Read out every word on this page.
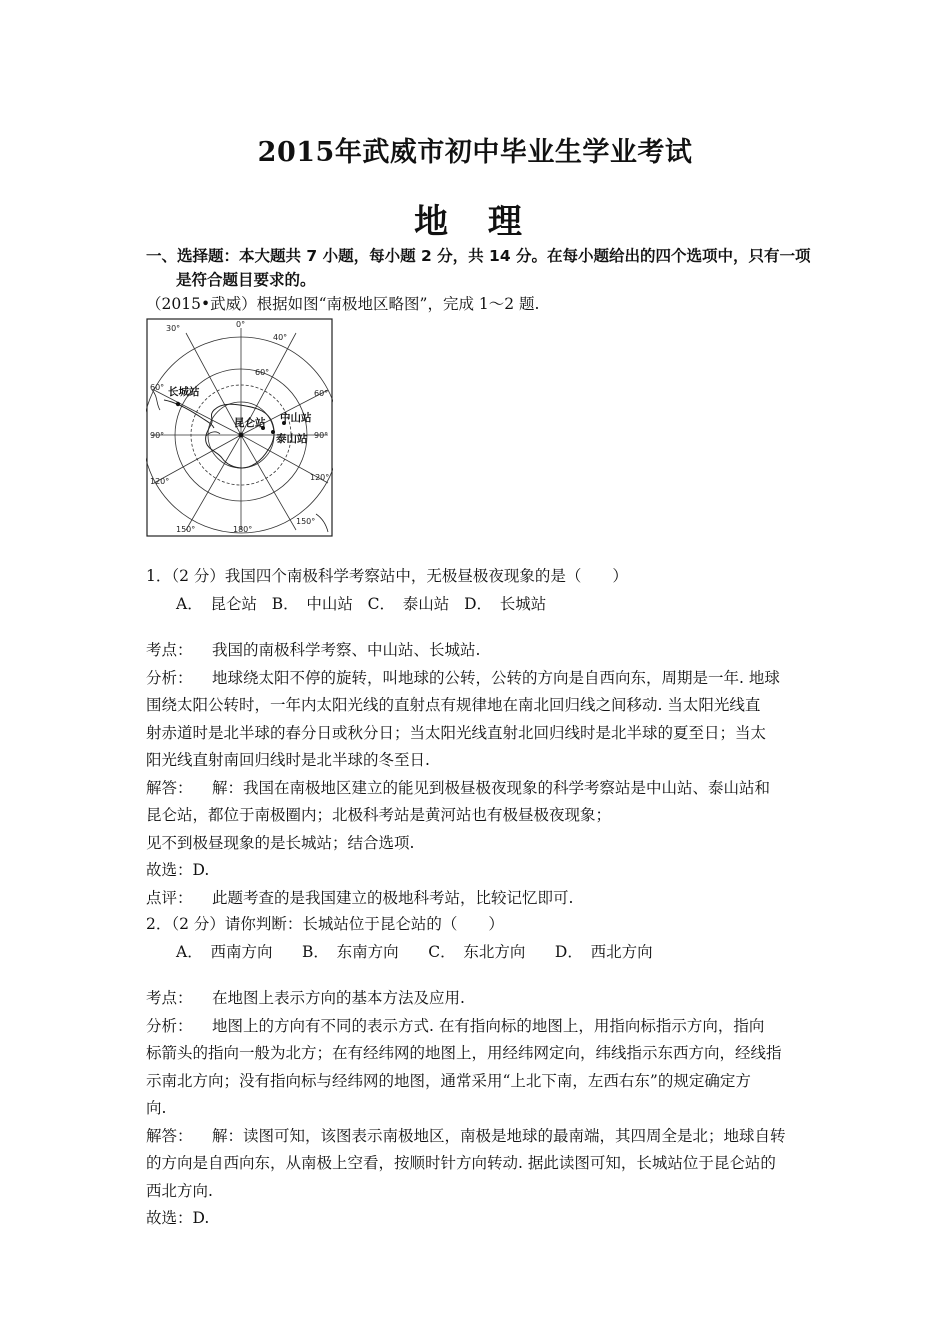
2015年武威市初中毕业生学业考试
地 理
一、选择题：本大题共 7 小题，每小题 2 分，共 14 分。在每小题给出的四个选项中，只有一项
是符合题目要求的。
（2015•武威）根据如图“南极地区略图”，完成 1～2 题.
30°	0°
40°
60°
60°
60°
90°	90°
120°	120°
150°	180°
150°
长城站
昆仑站 中山站
泰山站

1．（2 分）我国四个南极科学考察站中，无极昼极夜现象的是（　　）

A．　昆仑站 B．　中山站 C．　泰山站 D．　长城站

考点： 我国的南极科学考察、中山站、长城站.

分析： 地球绕太阳不停的旋转，叫地球的公转，公转的方向是自西向东，周期是一年. 地球

围绕太阳公转时，一年内太阳光线的直射点有规律地在南北回归线之间移动. 当太阳光线直

射赤道时是北半球的春分日或秋分日；当太阳光线直射北回归线时是北半球的夏至日；当太

阳光线直射南回归线时是北半球的冬至日.

解答： 解：我国在南极地区建立的能见到极昼极夜现象的科学考察站是中山站、泰山站和

昆仑站，都位于南极圈内；北极科考站是黄河站也有极昼极夜现象；

见不到极昼现象的是长城站；结合选项.

故选：D.

点评： 此题考查的是我国建立的极地科考站，比较记忆即可.

2．（2 分）请你判断：长城站位于昆仑站的（　　）

A．　西南方向 B．　东南方向 C．　东北方向 D．　西北方向

考点： 在地图上表示方向的基本方法及应用.

分析： 地图上的方向有不同的表示方式. 在有指向标的地图上，用指向标指示方向，指向

标箭头的指向一般为北方；在有经纬网的地图上，用经纬网定向，纬线指示东西方向，经线指

示南北方向；没有指向标与经纬网的地图，通常采用“上北下南，左西右东”的规定确定方

向.

解答： 解：读图可知，该图表示南极地区，南极是地球的最南端，其四周全是北；地球自转

的方向是自西向东，从南极上空看，按顺时针方向转动. 据此读图可知，长城站位于昆仑站的

西北方向.

故选：D.
